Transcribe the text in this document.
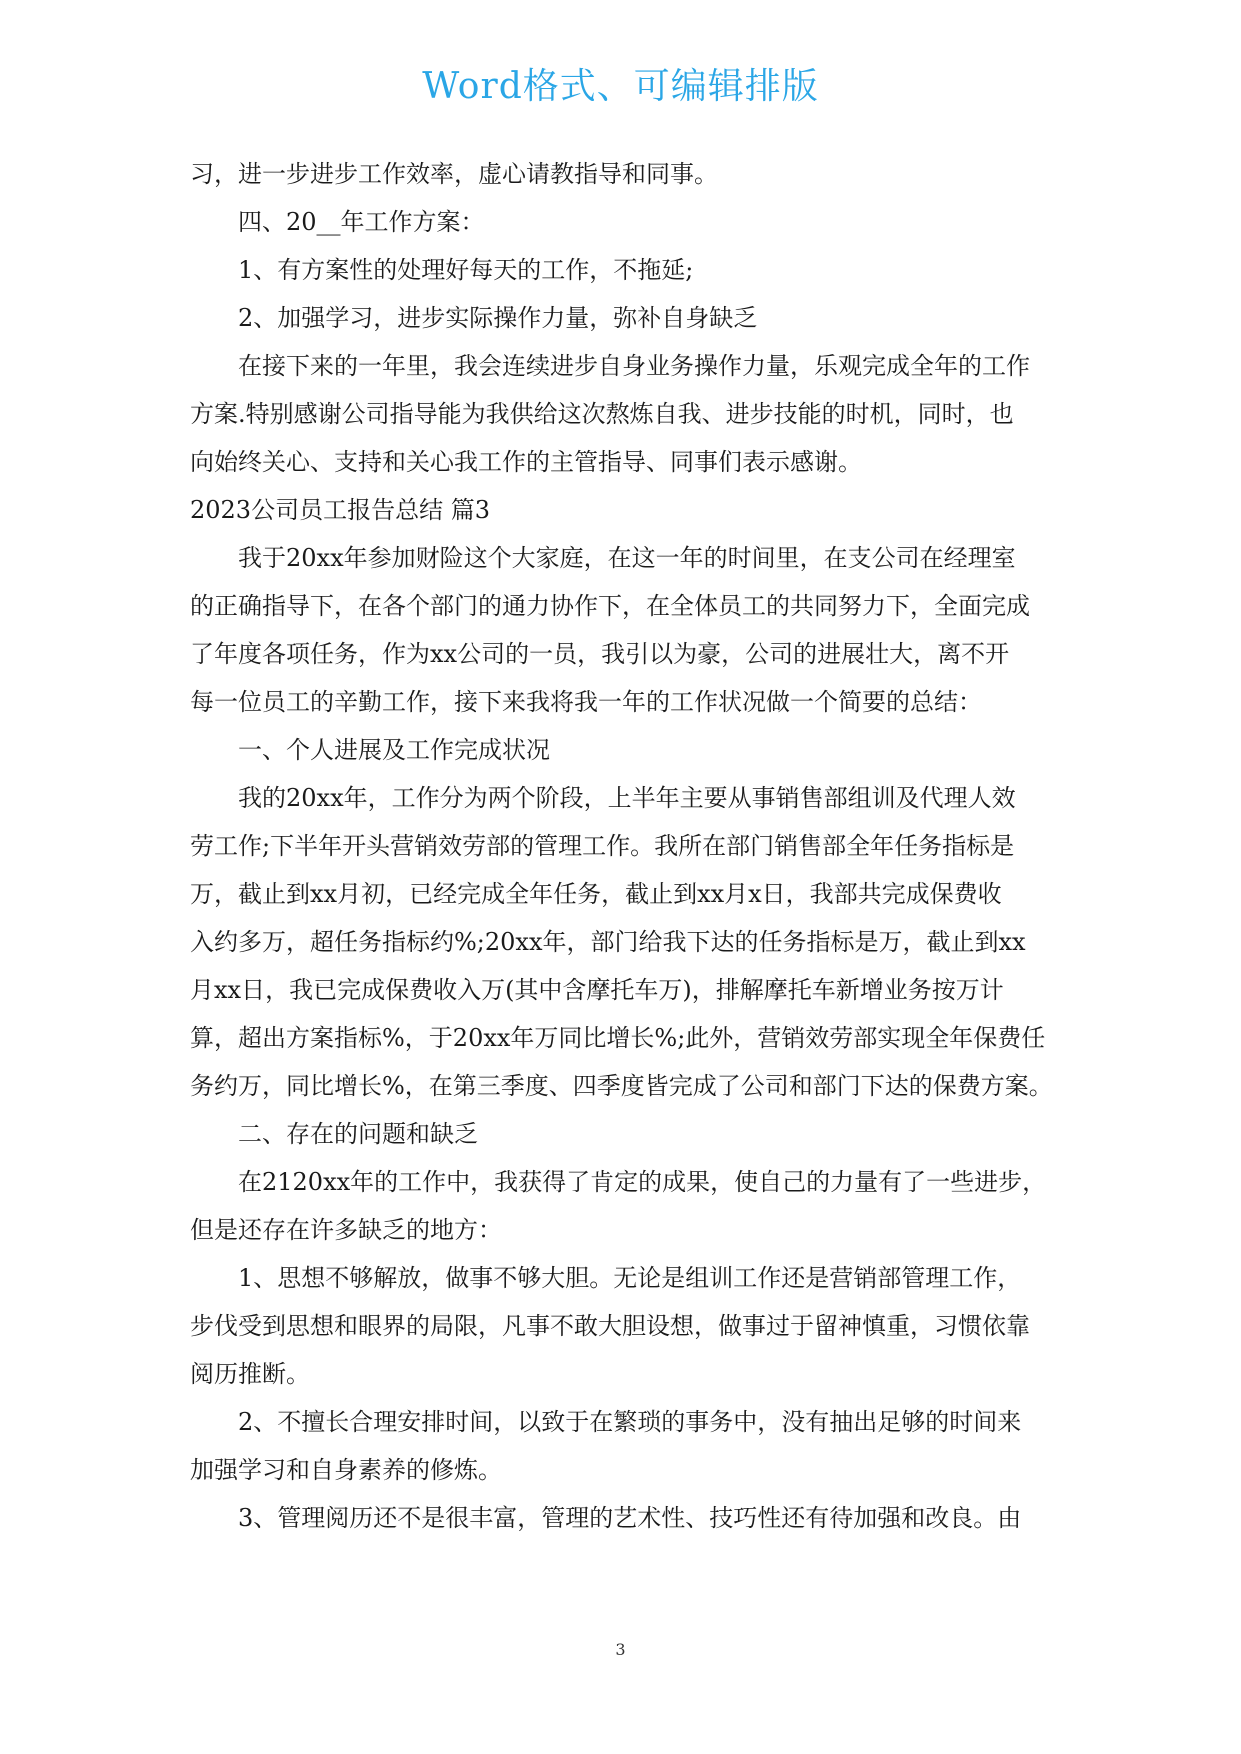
Word格式、可编辑排版
习，进一步进步工作效率，虚心请教指导和同事。
四、20__年工作方案：
1、有方案性的处理好每天的工作，不拖延;
2、加强学习，进步实际操作力量，弥补自身缺乏
在接下来的一年里，我会连续进步自身业务操作力量，乐观完成全年的工作
方案.特别感谢公司指导能为我供给这次熬炼自我、进步技能的时机，同时，也
向始终关心、支持和关心我工作的主管指导、同事们表示感谢。
2023公司员工报告总结 篇3
我于20xx年参加财险这个大家庭，在这一年的时间里，在支公司在经理室
的正确指导下，在各个部门的通力协作下，在全体员工的共同努力下，全面完成
了年度各项任务，作为xx公司的一员，我引以为豪，公司的进展壮大，离不开
每一位员工的辛勤工作，接下来我将我一年的工作状况做一个简要的总结：
一、个人进展及工作完成状况
我的20xx年，工作分为两个阶段，上半年主要从事销售部组训及代理人效
劳工作;下半年开头营销效劳部的管理工作。我所在部门销售部全年任务指标是
万，截止到xx月初，已经完成全年任务，截止到xx月x日，我部共完成保费收
入约多万，超任务指标约%;20xx年，部门给我下达的任务指标是万，截止到xx
月xx日，我已完成保费收入万(其中含摩托车万)，排解摩托车新增业务按万计
算，超出方案指标%，于20xx年万同比增长%;此外，营销效劳部实现全年保费任
务约万，同比增长%，在第三季度、四季度皆完成了公司和部门下达的保费方案。
二、存在的问题和缺乏
在2120xx年的工作中，我获得了肯定的成果，使自己的力量有了一些进步，
但是还存在许多缺乏的地方：
1、思想不够解放，做事不够大胆。无论是组训工作还是营销部管理工作，
步伐受到思想和眼界的局限，凡事不敢大胆设想，做事过于留神慎重，习惯依靠
阅历推断。
2、不擅长合理安排时间，以致于在繁琐的事务中，没有抽出足够的时间来
加强学习和自身素养的修炼。
3、管理阅历还不是很丰富，管理的艺术性、技巧性还有待加强和改良。由
3
